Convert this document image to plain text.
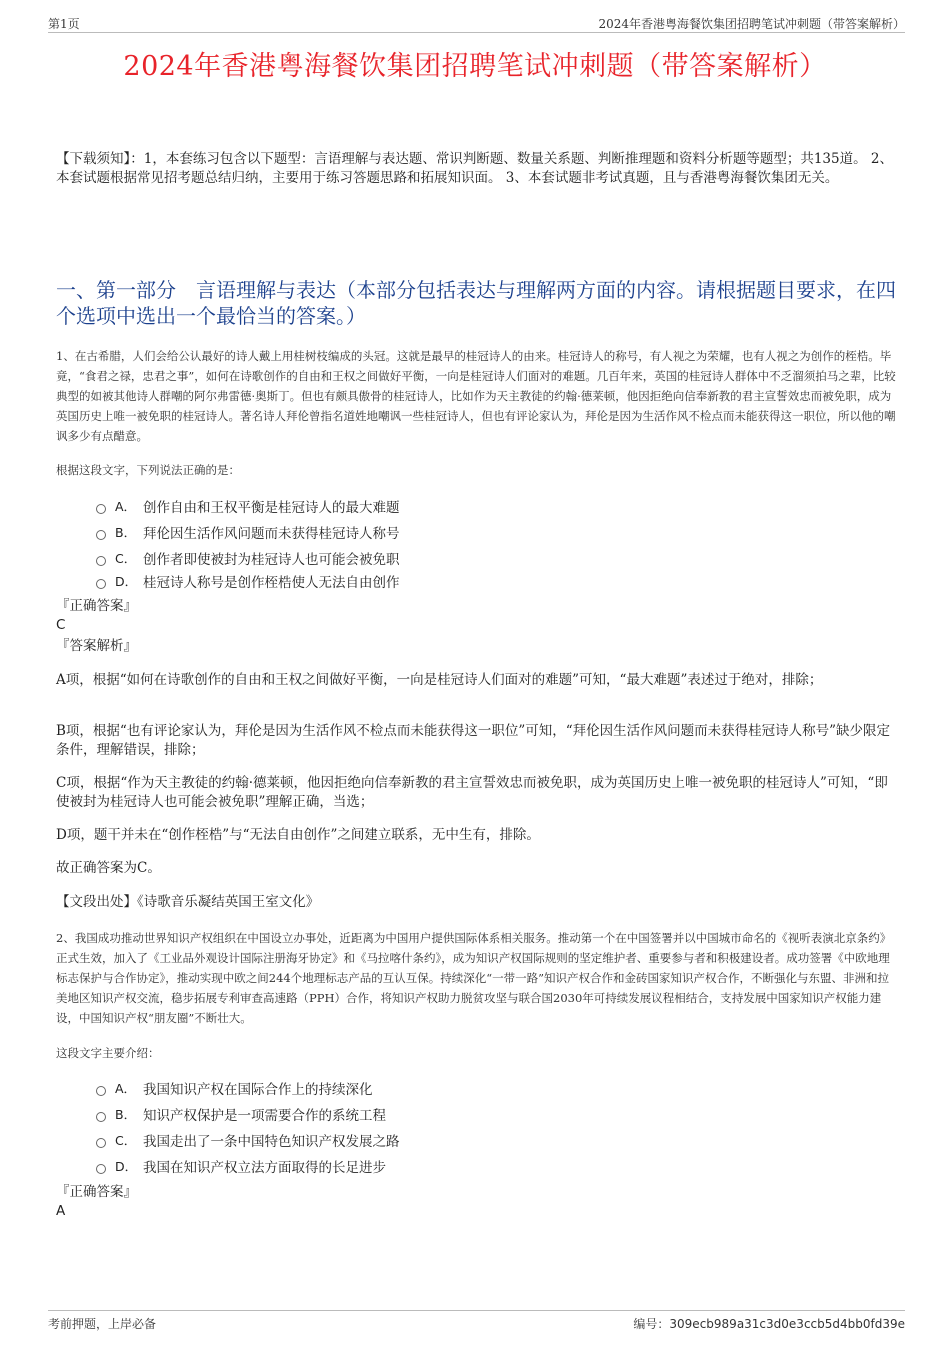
第1页	2024年香港粤海餐饮集团招聘笔试冲刺题（带答案解析）
2024年香港粤海餐饮集团招聘笔试冲刺题（带答案解析）
【下载须知】：1，本套练习包含以下题型：言语理解与表达题、常识判断题、数量关系题、判断推理题和资料分析题等题型；共135道。 2、本套试题根据常见招考题总结归纳，主要用于练习答题思路和拓展知识面。 3、本套试题非考试真题，且与香港粤海餐饮集团无关。
一、第一部分　言语理解与表达（本部分包括表达与理解两方面的内容。请根据题目要求，在四个选项中选出一个最恰当的答案。）
1、在古希腊，人们会给公认最好的诗人戴上用桂树枝编成的头冠。这就是最早的桂冠诗人的由来。桂冠诗人的称号，有人视之为荣耀，也有人视之为创作的桎梏。毕竟，“食君之禄，忠君之事”，如何在诗歌创作的自由和王权之间做好平衡，一向是桂冠诗人们面对的难题。几百年来，英国的桂冠诗人群体中不乏溜须拍马之辈，比较典型的如被其他诗人群嘲的阿尔弗雷德·奥斯丁。但也有颇具傲骨的桂冠诗人，比如作为天主教徒的约翰·德莱顿，他因拒绝向信奉新教的君主宣誓效忠而被免职，成为英国历史上唯一被免职的桂冠诗人。著名诗人拜伦曾指名道姓地嘲讽一些桂冠诗人，但也有评论家认为，拜伦是因为生活作风不检点而未能获得这一职位，所以他的嘲讽多少有点醋意。
根据这段文字，下列说法正确的是：
A． 创作自由和王权平衡是桂冠诗人的最大难题
B． 拜伦因生活作风问题而未获得桂冠诗人称号
C． 创作者即使被封为桂冠诗人也可能会被免职
D． 桂冠诗人称号是创作桎梏使人无法自由创作
『正确答案』
C
『答案解析』
A项，根据“如何在诗歌创作的自由和王权之间做好平衡，一向是桂冠诗人们面对的难题”可知，“最大难题”表述过于绝对，排除；
B项，根据“也有评论家认为，拜伦是因为生活作风不检点而未能获得这一职位”可知，“拜伦因生活作风问题而未获得桂冠诗人称号”缺少限定条件，理解错误，排除；
C项，根据“作为天主教徒的约翰·德莱顿，他因拒绝向信奉新教的君主宣誓效忠而被免职，成为英国历史上唯一被免职的桂冠诗人”可知，“即使被封为桂冠诗人也可能会被免职”理解正确，当选；
D项，题干并未在“创作桎梏”与“无法自由创作”之间建立联系，无中生有，排除。
故正确答案为C。
【文段出处】《诗歌音乐凝结英国王室文化》
2、我国成功推动世界知识产权组织在中国设立办事处，近距离为中国用户提供国际体系相关服务。推动第一个在中国签署并以中国城市命名的《视听表演北京条约》正式生效，加入了《工业品外观设计国际注册海牙协定》和《马拉喀什条约》，成为知识产权国际规则的坚定维护者、重要参与者和积极建设者。成功签署《中欧地理标志保护与合作协定》，推动实现中欧之间244个地理标志产品的互认互保。持续深化“一带一路”知识产权合作和金砖国家知识产权合作，不断强化与东盟、非洲和拉美地区知识产权交流，稳步拓展专利审查高速路（PPH）合作，将知识产权助力脱贫攻坚与联合国2030年可持续发展议程相结合，支持发展中国家知识产权能力建设，中国知识产权“朋友圈”不断壮大。
这段文字主要介绍：
A． 我国知识产权在国际合作上的持续深化
B． 知识产权保护是一项需要合作的系统工程
C． 我国走出了一条中国特色知识产权发展之路
D． 我国在知识产权立法方面取得的长足进步
『正确答案』
A
考前押题，上岸必备	编号：309ecb989a31c3d0e3ccb5d4bb0fd39e
